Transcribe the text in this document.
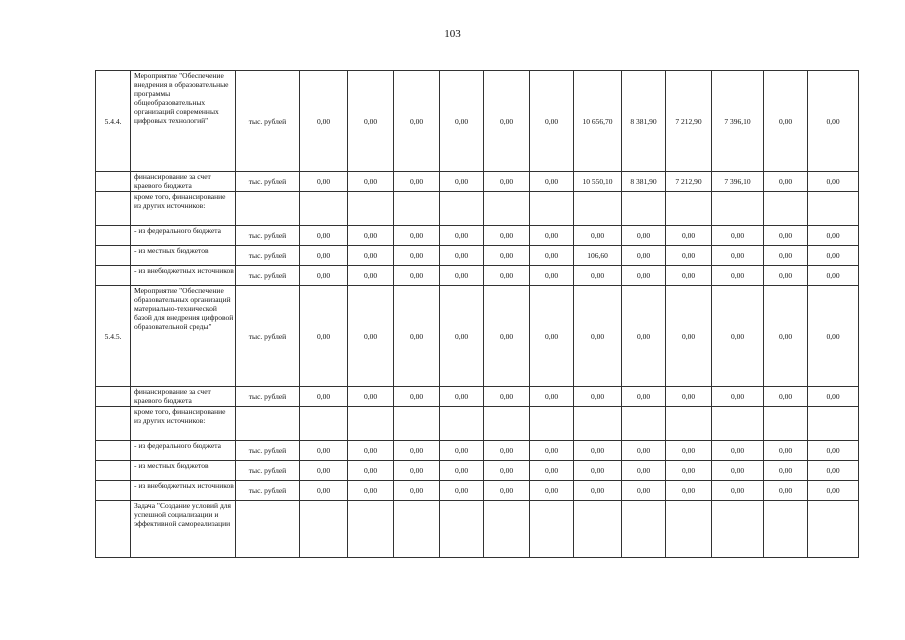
103
5.4.4.	Мероприятие "Обеспечение внедрения в образовательные программы общеобразовательных организаций современных цифровых технологий"	тыс. рублей	0,00	0,00	0,00	0,00	0,00	0,00	10 656,70	8 381,90	7 212,90	7 396,10	0,00	0,00
	финансирование за счет краевого бюджета	тыс. рублей	0,00	0,00	0,00	0,00	0,00	0,00	10 550,10	8 381,90	7 212,90	7 396,10	0,00	0,00
	кроме того, финансирование из других источников:													
	- из федерального бюджета	тыс. рублей	0,00	0,00	0,00	0,00	0,00	0,00	0,00	0,00	0,00	0,00	0,00	0,00
	- из местных бюджетов	тыс. рублей	0,00	0,00	0,00	0,00	0,00	0,00	106,60	0,00	0,00	0,00	0,00	0,00
	- из внебюджетных источников	тыс. рублей	0,00	0,00	0,00	0,00	0,00	0,00	0,00	0,00	0,00	0,00	0,00	0,00
5.4.5.	Мероприятие "Обеспечение образовательных организаций материально-технической базой для внедрения цифровой образовательной среды"	тыс. рублей	0,00	0,00	0,00	0,00	0,00	0,00	0,00	0,00	0,00	0,00	0,00	0,00
	финансирование за счет краевого бюджета	тыс. рублей	0,00	0,00	0,00	0,00	0,00	0,00	0,00	0,00	0,00	0,00	0,00	0,00
	кроме того, финансирование из других источников:													
	- из федерального бюджета	тыс. рублей	0,00	0,00	0,00	0,00	0,00	0,00	0,00	0,00	0,00	0,00	0,00	0,00
	- из местных бюджетов	тыс. рублей	0,00	0,00	0,00	0,00	0,00	0,00	0,00	0,00	0,00	0,00	0,00	0,00
	- из внебюджетных источников	тыс. рублей	0,00	0,00	0,00	0,00	0,00	0,00	0,00	0,00	0,00	0,00	0,00	0,00
	Задача "Создание условий для успешной социализации и эффективной самореализации													
